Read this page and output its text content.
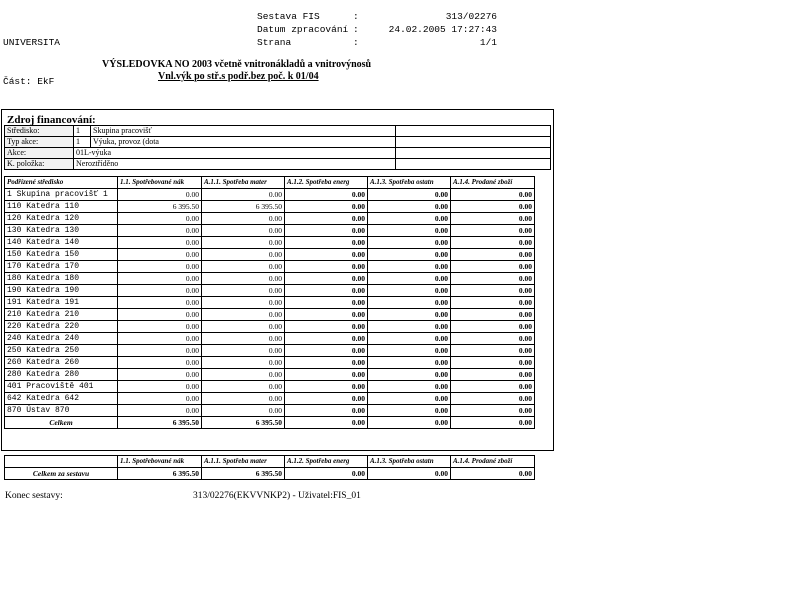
UNIVERSITA

Část: EkF

Sestava FIS	:	313/02276
Datum zpracování :	24.02.2005 17:27:43
Strana	:	1/1
VÝSLEDOVKA NO 2003 včetně vnitronákladů a vnitrovýnosů
Vnl.výk po stř.s podř.bez poč. k 01/04
Zdroj financování:
Středisko:	1	Skupina pracovišť	
Typ akce:	1	Výuka, provoz (dota	
Akce:	01L-výuka		
K. položka:	Neroztříděno		
Podřízené středisko	1.1. Spotřebované nák	A.1.1. Spotřeba mater	A.1.2. Spotřeba energ	A.1.3. Spotřeba ostatn	A.1.4. Prodané zboží
1 Skupina pracovišť 1	0.00	0.00	0.00	0.00	0.00
110 Katedra 110	6 395.50	6 395.50	0.00	0.00	0.00
120 Katedra 120	0.00	0.00	0.00	0.00	0.00
130 Katedra 130	0.00	0.00	0.00	0.00	0.00
140 Katedra 140	0.00	0.00	0.00	0.00	0.00
150 Katedra 150	0.00	0.00	0.00	0.00	0.00
170 Katedra 170	0.00	0.00	0.00	0.00	0.00
180 Katedra 180	0.00	0.00	0.00	0.00	0.00
190 Katedra 190	0.00	0.00	0.00	0.00	0.00
191 Katedra 191	0.00	0.00	0.00	0.00	0.00
210 Katedra 210	0.00	0.00	0.00	0.00	0.00
220 Katedra 220	0.00	0.00	0.00	0.00	0.00
240 Katedra 240	0.00	0.00	0.00	0.00	0.00
250 Katedra 250	0.00	0.00	0.00	0.00	0.00
260 Katedra 260	0.00	0.00	0.00	0.00	0.00
280 Katedra 280	0.00	0.00	0.00	0.00	0.00
401 Pracoviště 401	0.00	0.00	0.00	0.00	0.00
642 Katedra 642	0.00	0.00	0.00	0.00	0.00
870 Ústav 870	0.00	0.00	0.00	0.00	0.00
Celkem	6 395.50	6 395.50	0.00	0.00	0.00
	1.1. Spotřebované nák	A.1.1. Spotřeba mater	A.1.2. Spotřeba energ	A.1.3. Spotřeba ostatn	A.1.4. Prodané zboží
Celkem za sestavu	6 395.50	6 395.50	0.00	0.00	0.00
Konec sestavy:	313/02276(EKVVNKP2) - Uživatel:FIS_01
